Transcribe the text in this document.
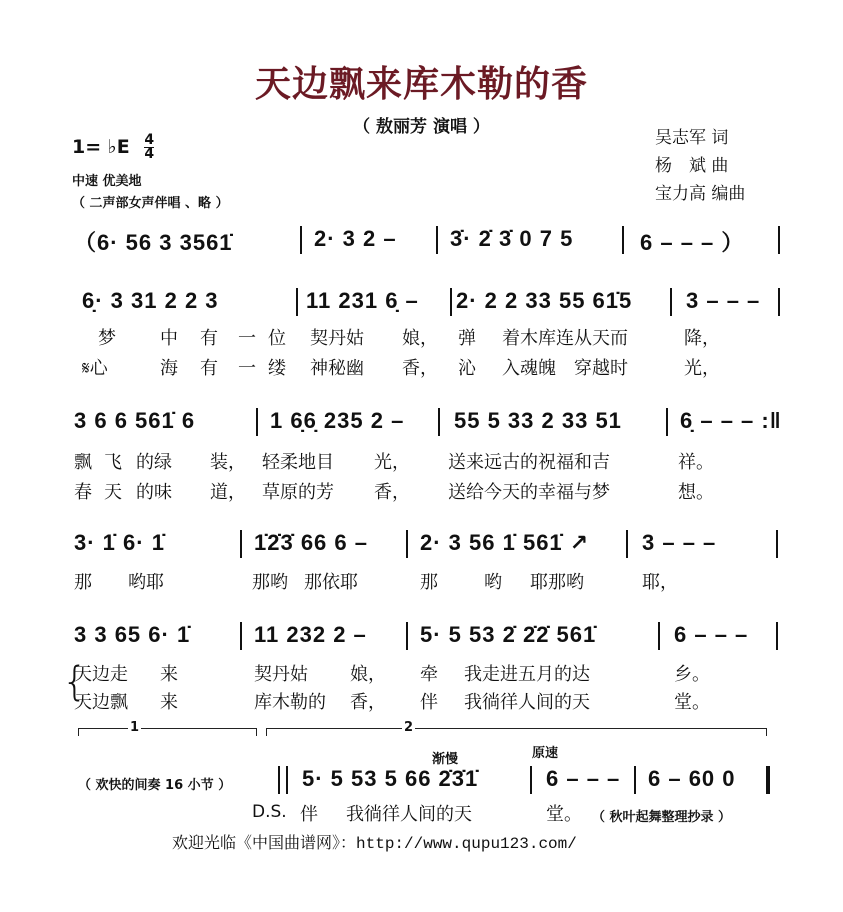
天边飘来库木勒的香
（ 敖丽芳 演唱 ）
吴志军 词
杨　斌 曲
宝力高 编曲
1= ♭E $\frac{4}{4}$
中速 优美地
（ 二声部女声伴唱 、略 ）
（6· 56 3 3561̇	2· 3 2 – 3̇· 2̇ 3̇ 0 7 5	6 – – – ）
6̣· 3 31 2 2 3	11 231 6̣ – 2· 2 2 33 55 61̇5 3 – – –
梦 中 有 一 位 契丹姑 娘， 弹 着木库连从天而	降，
𝄋心	海 有 一 缕 神秘幽 香， 沁 入魂魄　穿越时	光，
3 6 6 561̇ 6	1 6̣6̣ 235 2 – 55 5 33 2 33 51	6̣ – – – :‖
飘 飞 的绿 装， 轻柔地目 光， 送来远古的祝福和吉	祥。
春 天 的味 道， 草原的芳 香， 送给今天的幸福与梦	想。
3· 1̇ 6· 1̇	1̇2̇3̇ 66 6 – 2· 3 56 1̇ 561̇ ↗ 3 – – –
那 哟耶	那哟 那依耶	那	哟 耶那哟	耶，
3 3 65 6· 1̇	11 232 2 – 5· 5 53 2̇ 2̇2̇ 561̇	6 – – –
{
天边走 来	契丹姑 娘， 牵 我走进五月的达	乡。
天边飘 来	库木勒的 香， 伴 我徜徉人间的天	堂。
1	2
渐慢	原速
（ 欢快的间奏 16 小节 ）	5· 5 53 5 66 2̇3̇1̇	6 – – – 6 – 60 0
D.S. 伴 我徜徉人间的天	堂。 （ 秋叶起舞整理抄录 ）
欢迎光临《中国曲谱网》：http://www.qupu123.com/
